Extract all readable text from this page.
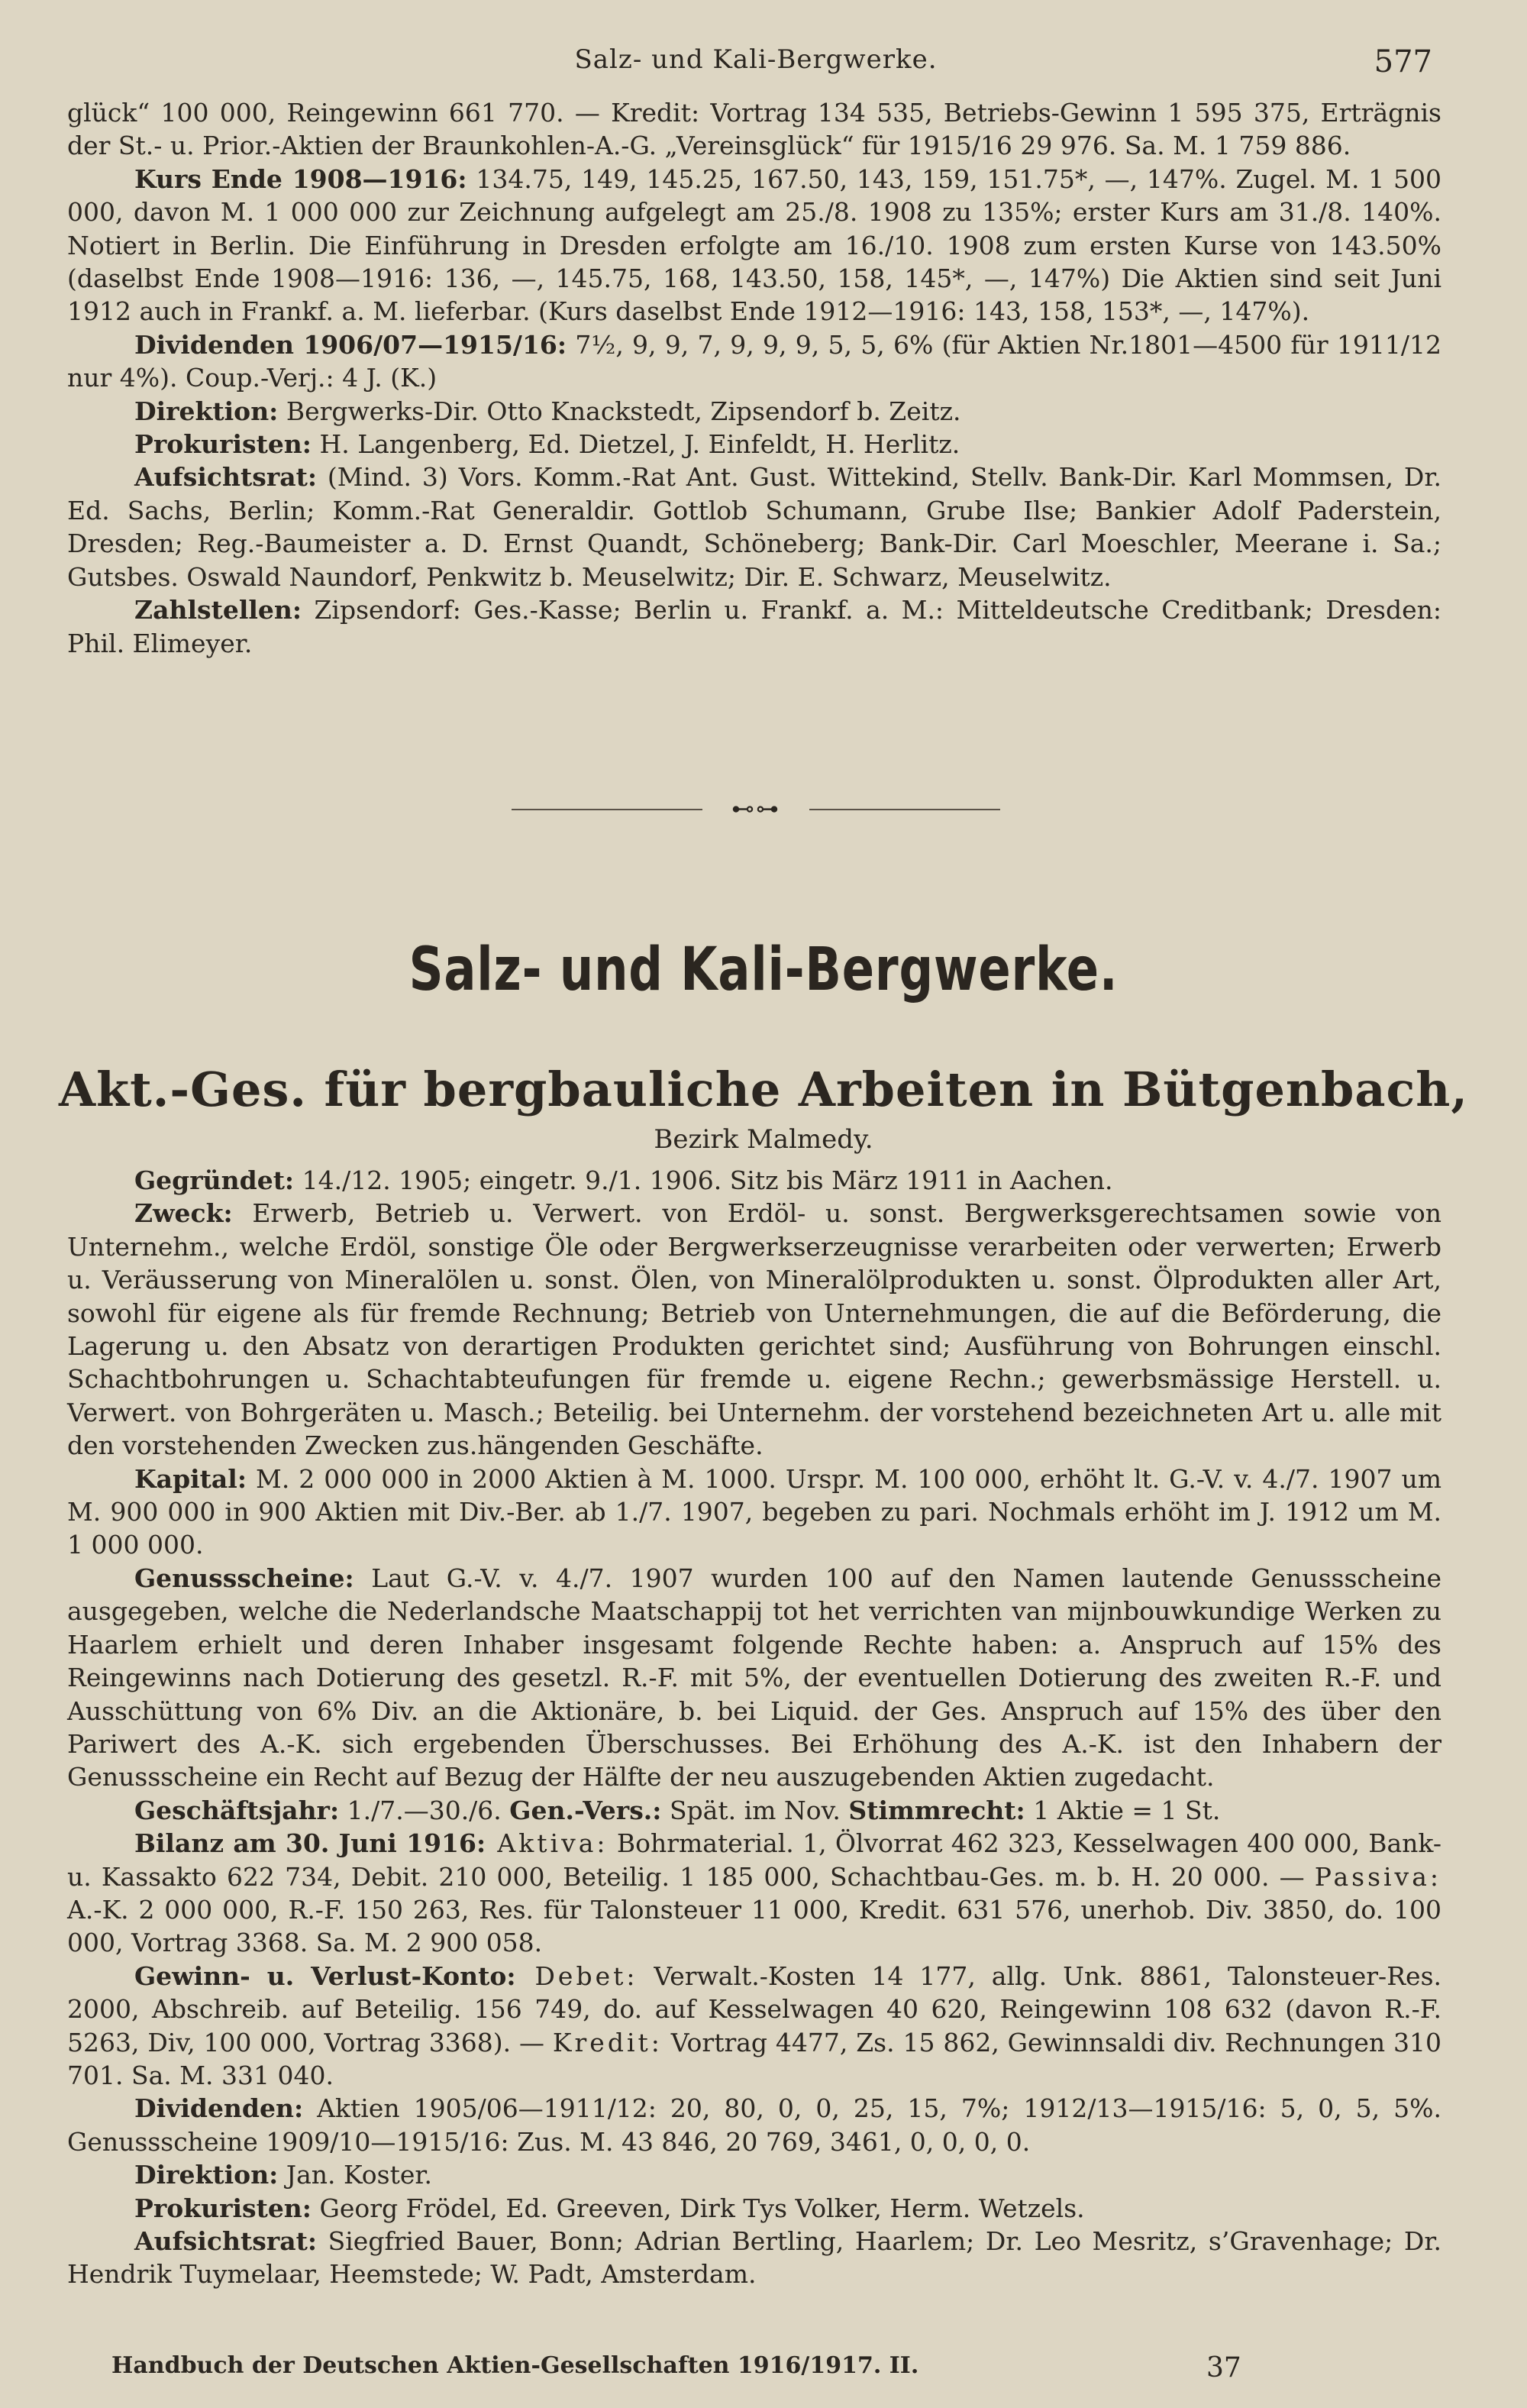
Salz- und Kali-Bergwerke.	577

glück“ 100 000, Reingewinn 661 770. — Kredit: Vortrag 134 535, Betriebs-Gewinn 1 595 375, Erträgnis der St.- u. Prior.-Aktien der Braunkohlen-A.-G. „Vereinsglück“ für 1915/16 29 976. Sa. M. 1 759 886.

Kurs Ende 1908—1916: 134.75, 149, 145.25, 167.50, 143, 159, 151.75*, —, 147%. Zugel. M. 1 500 000, davon M. 1 000 000 zur Zeichnung aufgelegt am 25./8. 1908 zu 135%; erster Kurs am 31./8. 140%. Notiert in Berlin. Die Einführung in Dresden erfolgte am 16./10. 1908 zum ersten Kurse von 143.50% (daselbst Ende 1908—1916: 136, —, 145.75, 168, 143.50, 158, 145*, —, 147%) Die Aktien sind seit Juni 1912 auch in Frankf. a. M. lieferbar. (Kurs daselbst Ende 1912—1916: 143, 158, 153*, —, 147%).

Dividenden 1906/07—1915/16: 7½, 9, 9, 7, 9, 9, 9, 5, 5, 6% (für Aktien Nr.1801—4500 für 1911/12 nur 4%). Coup.-Verj.: 4 J. (K.)

Direktion: Bergwerks-Dir. Otto Knackstedt, Zipsendorf b. Zeitz.

Prokuristen: H. Langenberg, Ed. Dietzel, J. Einfeldt, H. Herlitz.

Aufsichtsrat: (Mind. 3) Vors. Komm.-Rat Ant. Gust. Wittekind, Stellv. Bank-Dir. Karl Mommsen, Dr. Ed. Sachs, Berlin; Komm.-Rat Generaldir. Gottlob Schumann, Grube Ilse; Bankier Adolf Paderstein, Dresden; Reg.-Baumeister a. D. Ernst Quandt, Schöneberg; Bank-Dir. Carl Moeschler, Meerane i. Sa.; Gutsbes. Oswald Naundorf, Penkwitz b. Meuselwitz; Dir. E. Schwarz, Meuselwitz.

Zahlstellen: Zipsendorf: Ges.-Kasse; Berlin u. Frankf. a. M.: Mitteldeutsche Creditbank; Dresden: Phil. Elimeyer.

⊷⊶
Salz- und Kali-Bergwerke.
Akt.-Ges. für bergbauliche Arbeiten in Bütgenbach,
Bezirk Malmedy.

Gegründet: 14./12. 1905; eingetr. 9./1. 1906. Sitz bis März 1911 in Aachen.

Zweck: Erwerb, Betrieb u. Verwert. von Erdöl- u. sonst. Bergwerksgerechtsamen sowie von Unternehm., welche Erdöl, sonstige Öle oder Bergwerkserzeugnisse verarbeiten oder verwerten; Erwerb u. Veräusserung von Mineralölen u. sonst. Ölen, von Mineralölprodukten u. sonst. Ölprodukten aller Art, sowohl für eigene als für fremde Rechnung; Betrieb von Unternehmungen, die auf die Beförderung, die Lagerung u. den Absatz von derartigen Produkten gerichtet sind; Ausführung von Bohrungen einschl. Schachtbohrungen u. Schachtabteufungen für fremde u. eigene Rechn.; gewerbsmässige Herstell. u. Verwert. von Bohrgeräten u. Masch.; Beteilig. bei Unternehm. der vorstehend bezeichneten Art u. alle mit den vorstehenden Zwecken zus.hängenden Geschäfte.

Kapital: M. 2 000 000 in 2000 Aktien à M. 1000. Urspr. M. 100 000, erhöht lt. G.-V. v. 4./7. 1907 um M. 900 000 in 900 Aktien mit Div.-Ber. ab 1./7. 1907, begeben zu pari. Nochmals erhöht im J. 1912 um M. 1 000 000.

Genussscheine: Laut G.-V. v. 4./7. 1907 wurden 100 auf den Namen lautende Genussscheine ausgegeben, welche die Nederlandsche Maatschappij tot het verrichten van mijnbouwkundige Werken zu Haarlem erhielt und deren Inhaber insgesamt folgende Rechte haben: a. Anspruch auf 15% des Reingewinns nach Dotierung des gesetzl. R.-F. mit 5%, der eventuellen Dotierung des zweiten R.-F. und Ausschüttung von 6% Div. an die Aktionäre, b. bei Liquid. der Ges. Anspruch auf 15% des über den Pariwert des A.-K. sich ergebenden Überschusses. Bei Erhöhung des A.-K. ist den Inhabern der Genussscheine ein Recht auf Bezug der Hälfte der neu auszugebenden Aktien zugedacht.

Geschäftsjahr: 1./7.—30./6. Gen.-Vers.: Spät. im Nov. Stimmrecht: 1 Aktie = 1 St.

Bilanz am 30. Juni 1916: Aktiva: Bohrmaterial. 1, Ölvorrat 462 323, Kesselwagen 400 000, Bank- u. Kassakto 622 734, Debit. 210 000, Beteilig. 1 185 000, Schachtbau-Ges. m. b. H. 20 000. — Passiva: A.-K. 2 000 000, R.-F. 150 263, Res. für Talonsteuer 11 000, Kredit. 631 576, unerhob. Div. 3850, do. 100 000, Vortrag 3368. Sa. M. 2 900 058.

Gewinn- u. Verlust-Konto: Debet: Verwalt.-Kosten 14 177, allg. Unk. 8861, Talonsteuer-Res. 2000, Abschreib. auf Beteilig. 156 749, do. auf Kesselwagen 40 620, Reingewinn 108 632 (davon R.-F. 5263, Div, 100 000, Vortrag 3368). — Kredit: Vortrag 4477, Zs. 15 862, Gewinnsaldi div. Rechnungen 310 701. Sa. M. 331 040.

Dividenden: Aktien 1905/06—1911/12: 20, 80, 0, 0, 25, 15, 7%; 1912/13—1915/16: 5, 0, 5, 5%. Genussscheine 1909/10—1915/16: Zus. M. 43 846, 20 769, 3461, 0, 0, 0, 0.

Direktion: Jan. Koster.

Prokuristen: Georg Frödel, Ed. Greeven, Dirk Tys Volker, Herm. Wetzels.

Aufsichtsrat: Siegfried Bauer, Bonn; Adrian Bertling, Haarlem; Dr. Leo Mesritz, s’Gravenhage; Dr. Hendrik Tuymelaar, Heemstede; W. Padt, Amsterdam.

Handbuch der Deutschen Aktien-Gesellschaften 1916/1917. II.	37
